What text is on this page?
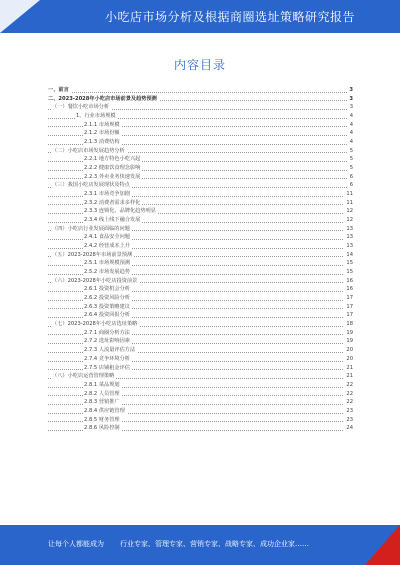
小吃店市场分析及根据商圈选址策略研究报告
内容目录
一、前言	3
二、2023-2028年小吃店市场前景及趋势预测	3
（一）餐饮小吃市场分析	3
1、行业市场规模	4
2.1.1 市场规模	4
2.1.2 市场份额	4
2.1.3 消费结构	4
（二）小吃店市场发展趋势分析	5
2.2.1 地方特色小吃兴起	5
2.2.2 健康饮食理念影响	5
2.2.3 外卖业务快速发展	6
（三）我国小吃店发展现状及特点	6
2.3.1 市场竞争加剧	11
2.3.2 消费者需求多样化	11
2.3.3 连锁化、品牌化趋势明显	12
2.3.4 线上线下融合发展	12
（四）小吃店行业发展面临的问题	13
2.4.1 食品安全问题	13
2.4.2 经营成本上升	13
（五）2023-2028年市场前景预测	14
2.5.1 市场规模预测	15
2.5.2 市场发展趋势	15
（六）2023-2028年小吃店投资前景	16
2.6.1 投资机会分析	16
2.6.2 投资风险分析	17
2.6.3 投资策略建议	17
2.6.4 投资回报分析	17
（七）2023-2028年小吃店选址策略	18
2.7.1 商圈分析方法	19
2.7.2 选址影响因素	19
2.7.3 人流量评估方法	20
2.7.4 竞争环境分析	20
2.7.5 店铺租金评估	21
（八）小吃店运营管理策略	21
2.8.1 菜品规划	22
2.8.2 人员管理	22
2.8.3 营销推广	22
2.8.4 供应链管理	23
2.8.5 财务管理	23
2.8.6 风险控制	24
让每个人都能成为 行业专家、管理专家、营销专家、战略专家、成功企业家……
